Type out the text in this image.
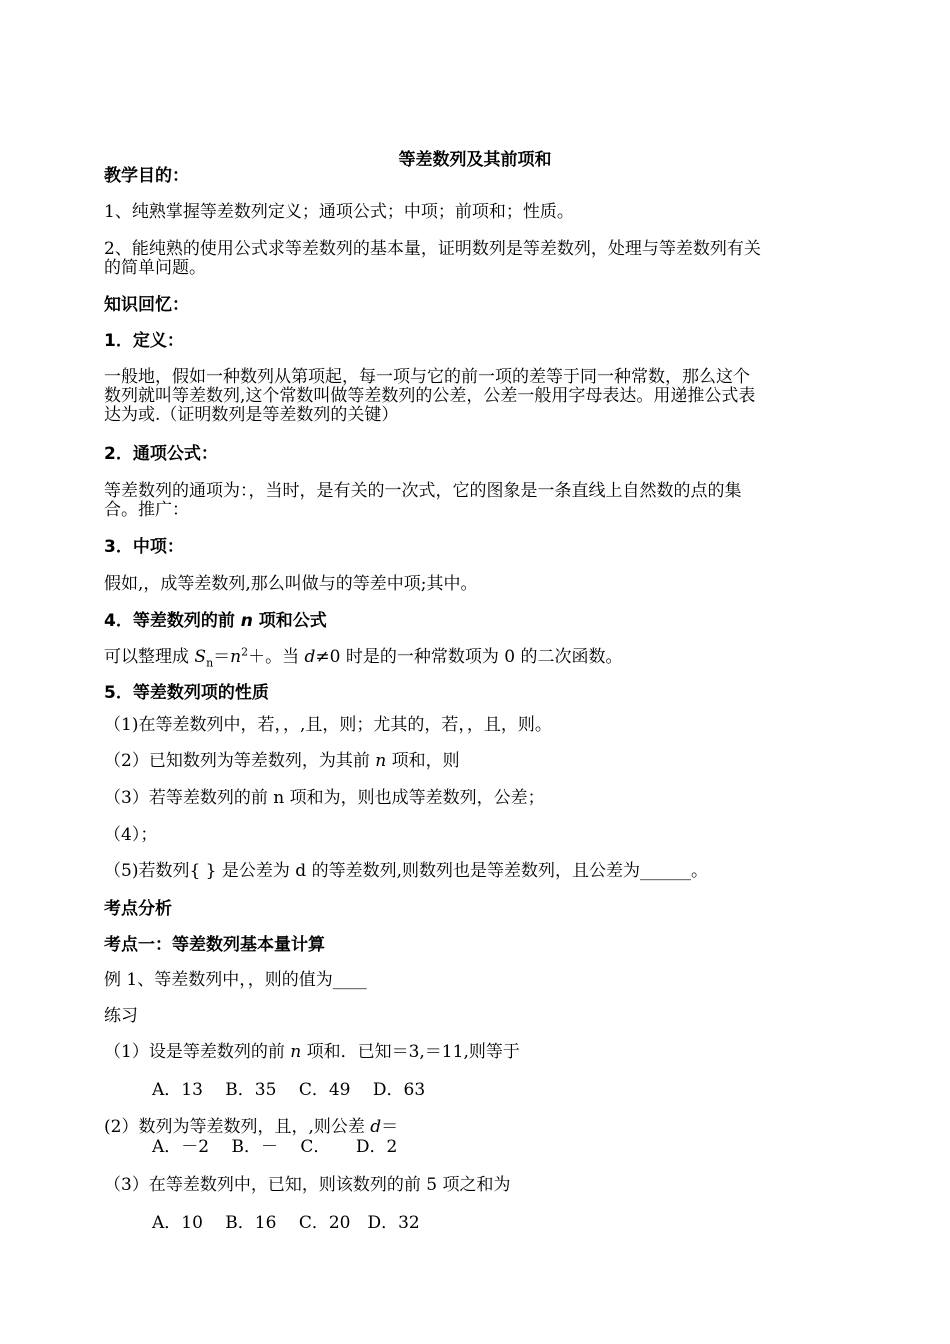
等差数列及其前项和
教学目的：
1、纯熟掌握等差数列定义；通项公式；中项；前项和；性质。
2、能纯熟的使用公式求等差数列的基本量，证明数列是等差数列，处理与等差数列有关
的简单问题。
知识回忆：
1．定义：
一般地，假如一种数列从第项起，每一项与它的前一项的差等于同一种常数，那么这个
数列就叫等差数列,这个常数叫做等差数列的公差，公差一般用字母表达。用递推公式表
达为或.（证明数列是等差数列的关键）
2．通项公式：
等差数列的通项为：，当时，是有关的一次式，它的图象是一条直线上自然数的点的集
合。推广：
3．中项：
假如,，成等差数列,那么叫做与的等差中项;其中。
4．等差数列的前 n 项和公式
可以整理成 $S_n=n^2+$。当 d≠0 时是的一种常数项为 0 的二次函数。
5．等差数列项的性质
（1)在等差数列中，若，，,且，则；尤其的，若，，且，则。
（2）已知数列为等差数列，为其前 n 项和，则
（3）若等差数列的前 n 项和为，则也成等差数列，公差；
（4）；
（5)若数列{ } 是公差为 d 的等差数列,则数列也是等差数列，且公差为______。
考点分析
考点一：等差数列基本量计算
例 1、等差数列中，，则的值为____
练习
（1）设是等差数列的前 n 项和．已知＝3,＝11,则等于
A．13　 B．35　 C．49　 D．63
(2）数列为等差数列，且，,则公差 d＝
A．－2　 B．－　 C．　　D．2
（3）在等差数列中，已知，则该数列的前 5 项之和为
A．10　 B．16　 C．20　D．32
